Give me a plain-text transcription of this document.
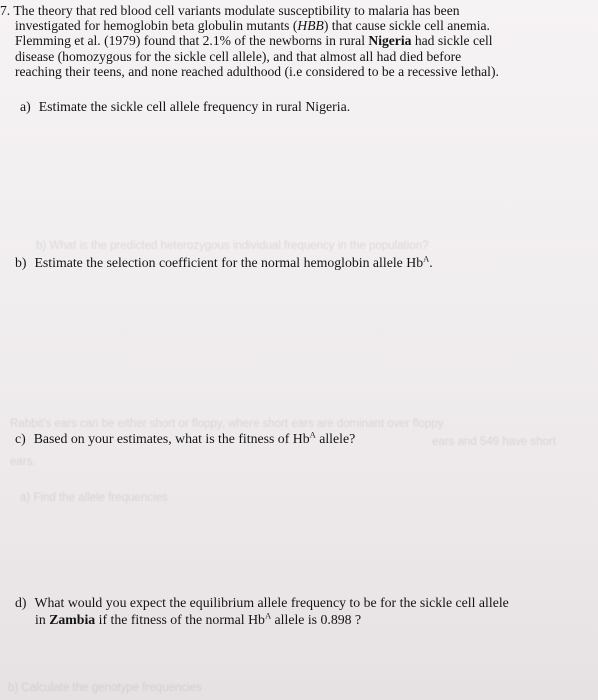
b) What is the predicted heterozygous individual frequency in the population?
Rabbit's ears can be either short or floppy, where short ears are dominant over floppy
ears and 549 have short
ears.
a) Find the allele frequencies
b) Calculate the genotype frequencies
7. The theory that red blood cell variants modulate susceptibility to malaria has been
investigated for hemoglobin beta globulin mutants (HBB) that cause sickle cell anemia.
Flemming et al. (1979) found that 2.1% of the newborns in rural Nigeria had sickle cell
disease (homozygous for the sickle cell allele), and that almost all had died before
reaching their teens, and none reached adulthood (i.e considered to be a recessive lethal).
a) Estimate the sickle cell allele frequency in rural Nigeria.
b) Estimate the selection coefficient for the normal hemoglobin allele $Hb^A$.
c) Based on your estimates, what is the fitness of $Hb^A$ allele?
d) What would you expect the equilibrium allele frequency to be for the sickle cell allele
in Zambia if the fitness of the normal $Hb^A$ allele is 0.898 ?
